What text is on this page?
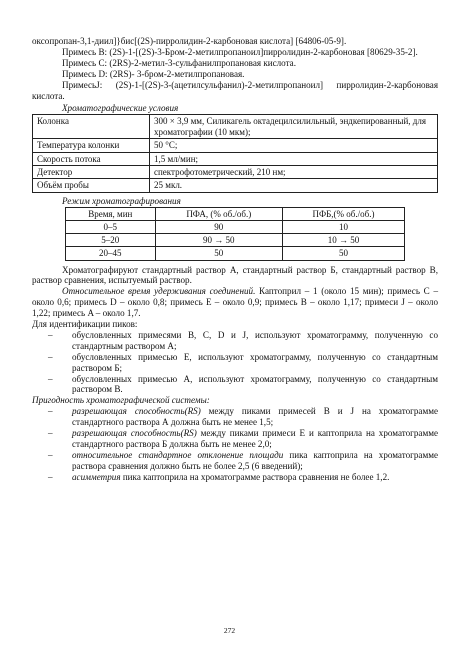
оксопропан-3,1-диил]}бис[(2S)-пирролидин-2-карбоновая кислота] [64806-05-9].

Примесь B: (2S)-1-[(2S)-3-Бром-2-метилпропаноил]пирролидин-2-карбоновая [80629-35-2].

Примесь C: (2RS)-2-метил-3-сульфанилпропановая кислота.

Примесь D: (2RS)- 3-бром-2-метилпропановая.

ПримесьJ: (2S)-1-[(2S)-3-(ацетилсульфанил)-2-метилпропаноил] пирролидин-2-карбоновая кислота.

Хроматографические условия

Колонка	300 × 3,9 мм, Силикагель октадецилсилильный, эндкепированный, для хроматографии (10 мкм);
Температура колонки	50 °C;
Скорость потока	1,5 мл/мин;
Детектор	спектрофотометрический, 210 нм;
Объём пробы	25 мкл.

Режим хроматографирования

Время, мин	ПФА, (% об./об.)	ПФБ,(% об./об.)
0–5	90	10
5–20	90 → 50	10 → 50
20–45	50	50

Хроматографируют стандартный раствор А, стандартный раствор Б, стандартный раствор В, раствор сравнения, испытуемый раствор.

Относительное время удерживания соединений. Каптоприл – 1 (около 15 мин); примесь C – около 0,6; примесь D – около 0,8; примесь E – около 0,9; примесь B – около 1,17; примеси J – около 1,22; примесь A – около 1,7.

Для идентификации пиков:

– обусловленных примесями B, C, D и J, используют хроматограмму, полученную со стандартным раствором А;
– обусловленных примесью E, используют хроматограмму, полученную со стандартным раствором Б;
– обусловленных примесью A, используют хроматограмму, полученную со стандартным раствором В.

Пригодность хроматографической системы:

– разрешающая способность(RS) между пиками примесей B и J на хроматограмме стандартного раствора А должна быть не менее 1,5;
– разрешающая способность(RS) между пиками примеси E и каптоприла на хроматограмме стандартного раствора Б должна быть не менее 2,0;
– относительное стандартное отклонение площади пика каптоприла на хроматограмме раствора сравнения должно быть не более 2,5 (6 введений);
– асимметрия пика каптоприла на хроматограмме раствора сравнения не более 1,2.
272
